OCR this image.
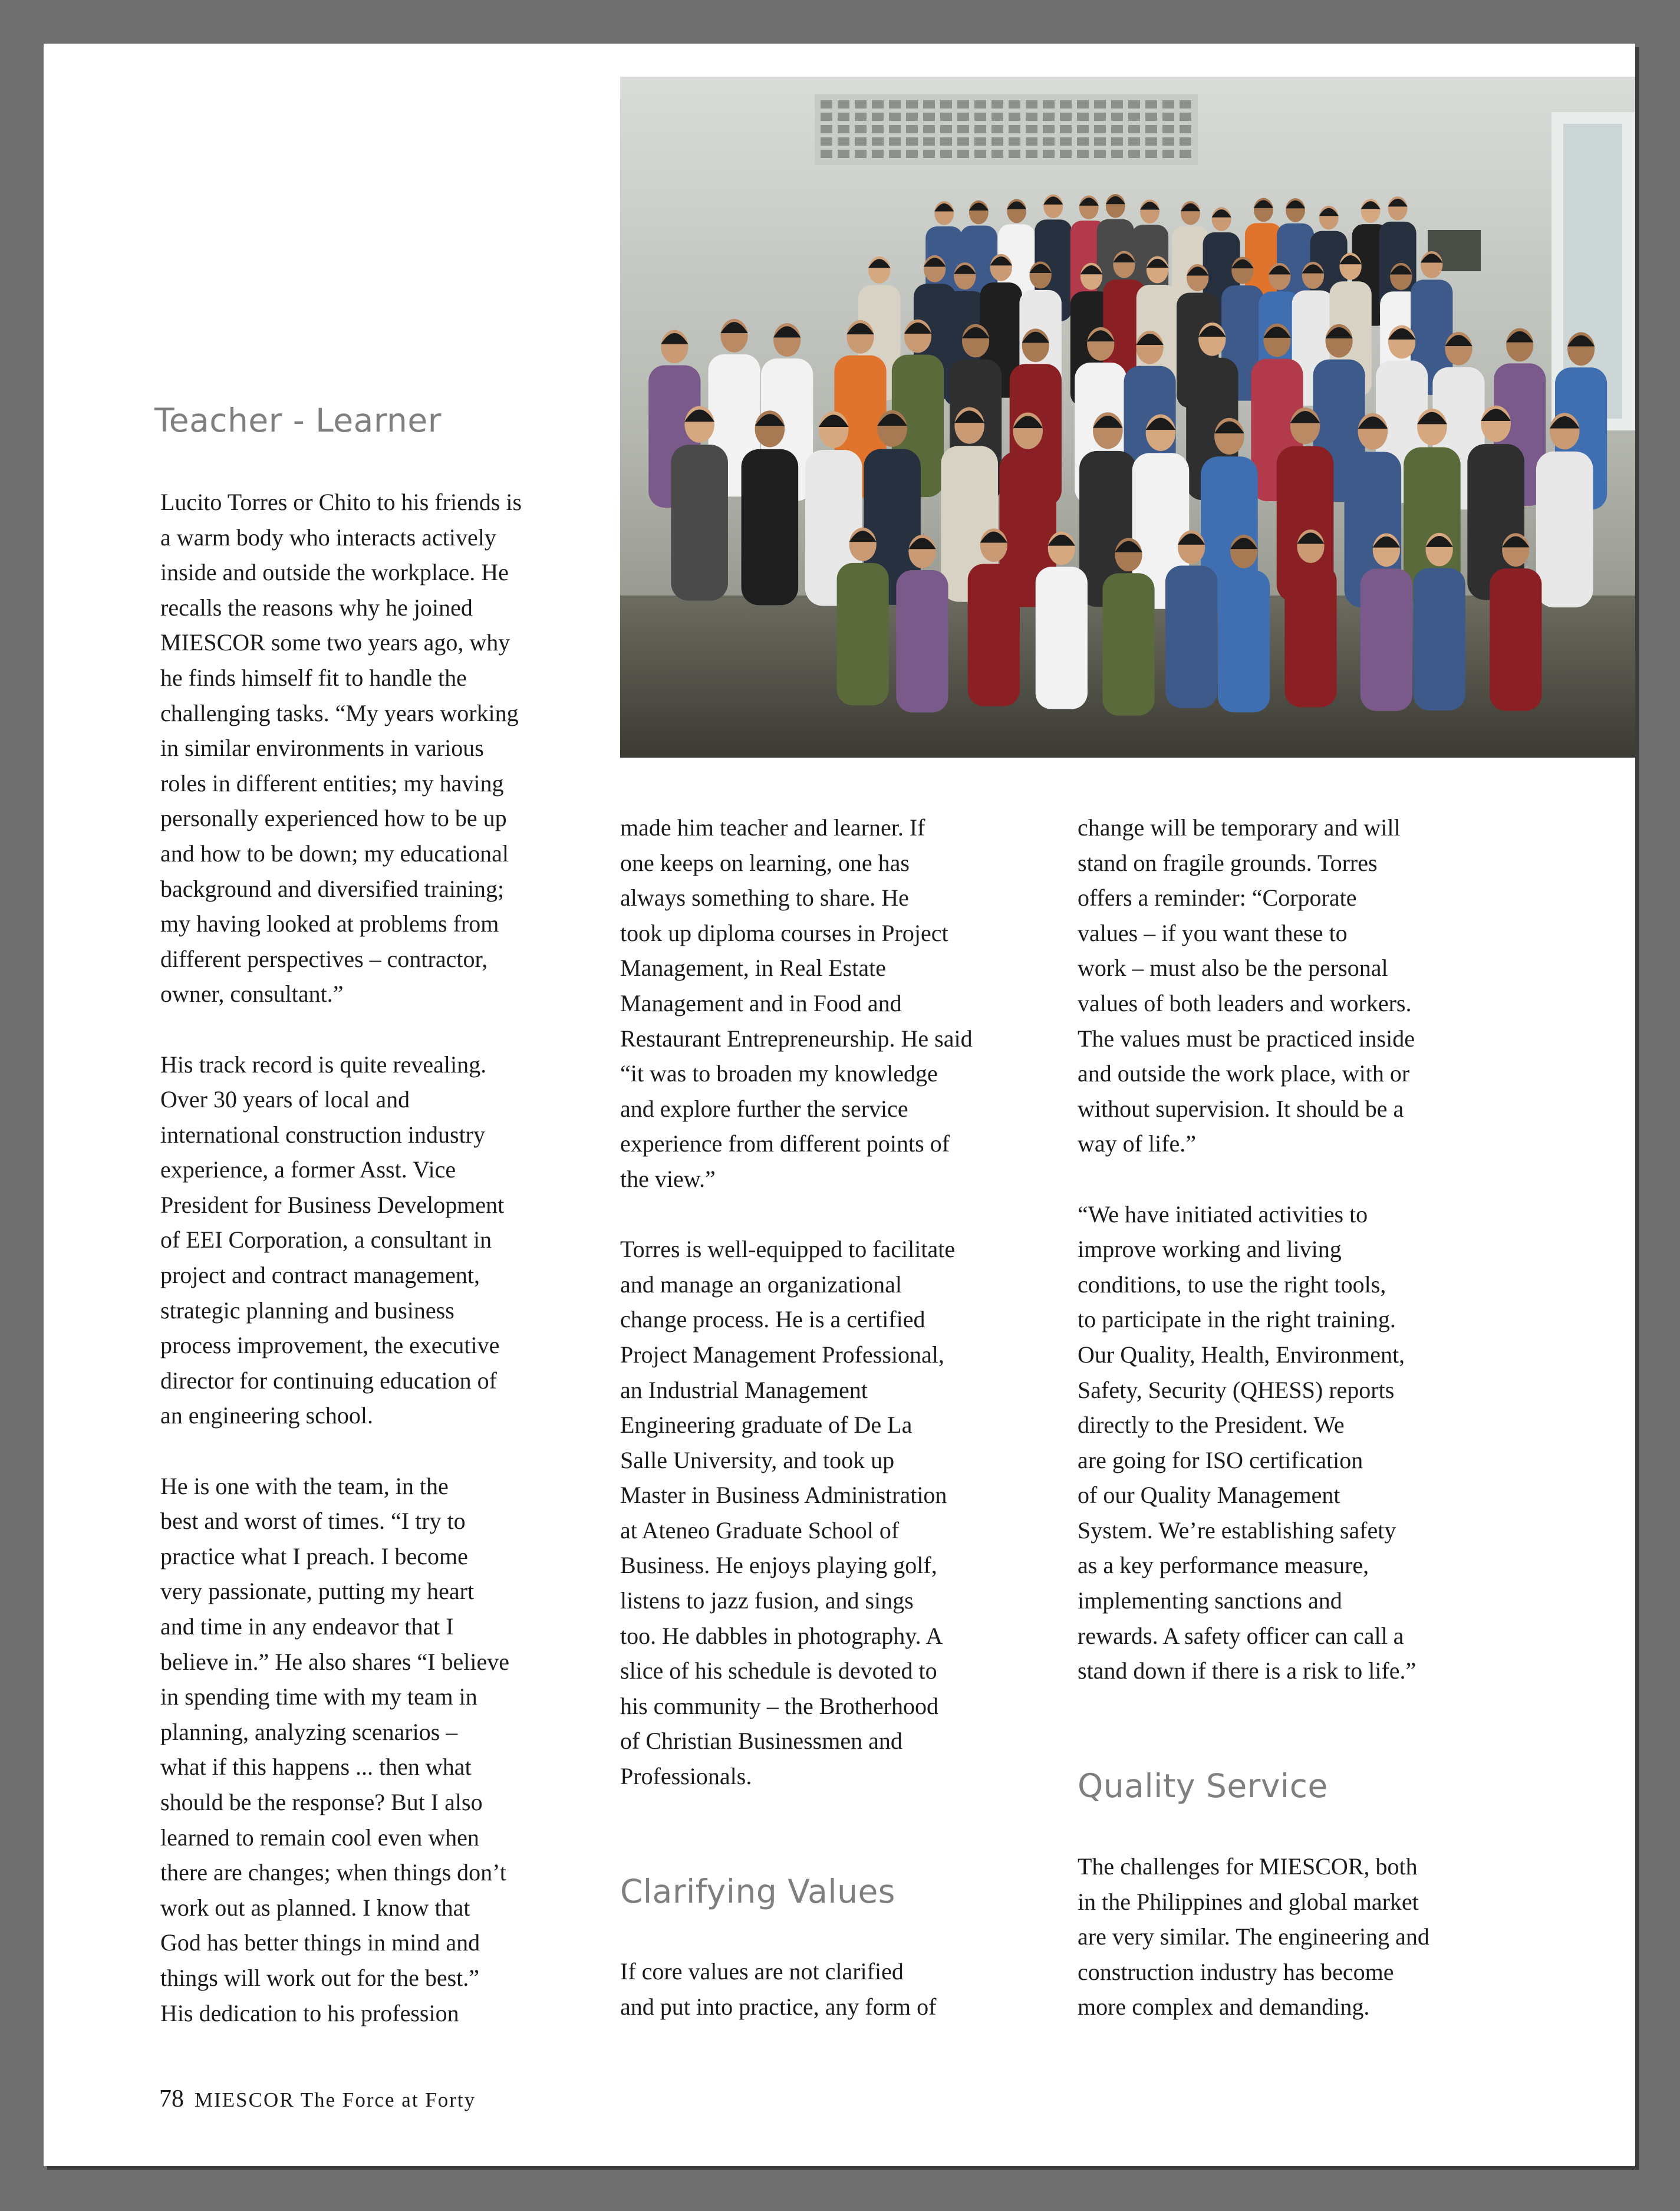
group photo
Teacher - Learner
Lucito Torres or Chito to his friends is
a warm body who interacts actively
inside and outside the workplace. He
recalls the reasons why he joined
MIESCOR some two years ago, why
he finds himself fit to handle the
challenging tasks. “My years working
in similar environments in various
roles in different entities; my having
personally experienced how to be up
and how to be down; my educational
background and diversified training;
my having looked at problems from
different perspectives – contractor,
owner, consultant.”
His track record is quite revealing.
Over 30 years of local and
international construction industry
experience, a former Asst. Vice
President for Business Development
of EEI Corporation, a consultant in
project and contract management,
strategic planning and business
process improvement, the executive
director for continuing education of
an engineering school.
He is one with the team, in the
best and worst of times. “I try to
practice what I preach. I become
very passionate, putting my heart
and time in any endeavor that I
believe in.” He also shares “I believe
in spending time with my team in
planning, analyzing scenarios –
what if this happens ... then what
should be the response? But I also
learned to remain cool even when
there are changes; when things don’t
work out as planned. I know that
God has better things in mind and
things will work out for the best.”
His dedication to his profession
made him teacher and learner. If
one keeps on learning, one has
always something to share. He
took up diploma courses in Project
Management, in Real Estate
Management and in Food and
Restaurant Entrepreneurship. He said
“it was to broaden my knowledge
and explore further the service
experience from different points of
the view.”
Torres is well-equipped to facilitate
and manage an organizational
change process. He is a certified
Project Management Professional,
an Industrial Management
Engineering graduate of De La
Salle University, and took up
Master in Business Administration
at Ateneo Graduate School of
Business. He enjoys playing golf,
listens to jazz fusion, and sings
too. He dabbles in photography. A
slice of his schedule is devoted to
his community – the Brotherhood
of Christian Businessmen and
Professionals.
Clarifying Values
If core values are not clarified
and put into practice, any form of
change will be temporary and will
stand on fragile grounds. Torres
offers a reminder: “Corporate
values – if you want these to
work – must also be the personal
values of both leaders and workers.
The values must be practiced inside
and outside the work place, with or
without supervision. It should be a
way of life.”
“We have initiated activities to
improve working and living
conditions, to use the right tools,
to participate in the right training.
Our Quality, Health, Environment,
Safety, Security (QHESS) reports
directly to the President. We
are going for ISO certification
of our Quality Management
System. We’re establishing safety
as a key performance measure,
implementing sanctions and
rewards. A safety officer can call a
stand down if there is a risk to life.”
Quality Service
The challenges for MIESCOR, both
in the Philippines and global market
are very similar. The engineering and
construction industry has become
more complex and demanding.
78 MIESCOR The Force at Forty
